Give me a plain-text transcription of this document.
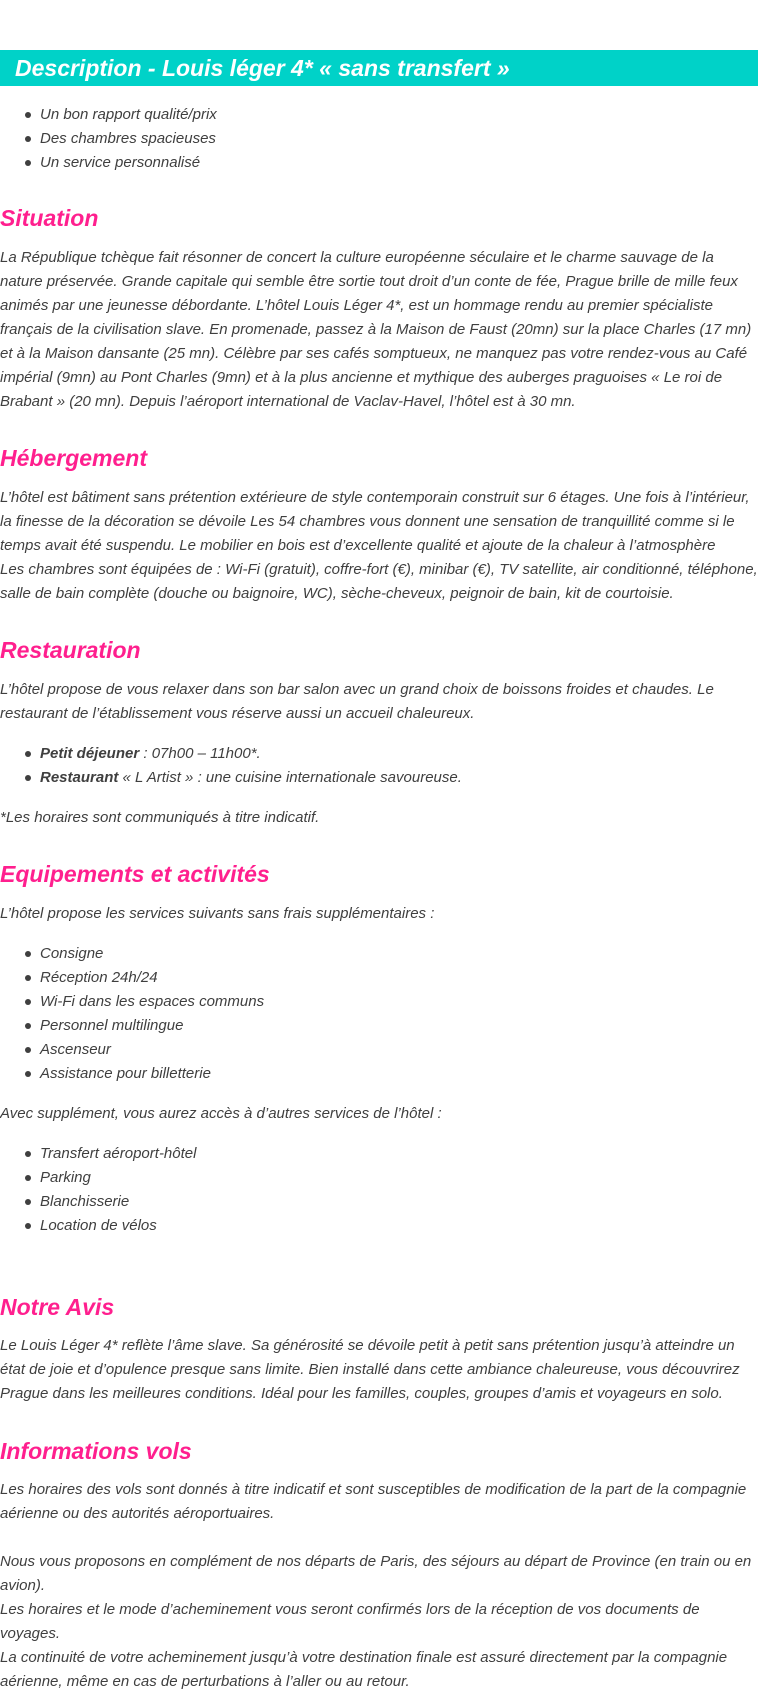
Description - Louis léger 4* « sans transfert »
Un bon rapport qualité/prix
Des chambres spacieuses
Un service personnalisé
Situation
La République tchèque fait résonner de concert la culture européenne séculaire et le charme sauvage de la nature préservée. Grande capitale qui semble être sortie tout droit d’un conte de fée, Prague brille de mille feux animés par une jeunesse débordante. L’hôtel Louis Léger 4*, est un hommage rendu au premier spécialiste français de la civilisation slave. En promenade, passez à la Maison de Faust (20mn) sur la place Charles (17 mn) et à la Maison dansante (25 mn). Célèbre par ses cafés somptueux, ne manquez pas votre rendez-vous au Café impérial (9mn) au Pont Charles (9mn) et à la plus ancienne et mythique des auberges praguoises « Le roi de Brabant » (20 mn). Depuis l’aéroport international de Vaclav-Havel, l’hôtel est à 30 mn.
Hébergement

L’hôtel est bâtiment sans prétention extérieure de style contemporain construit sur 6 étages. Une fois à l’intérieur, la finesse de la décoration se dévoile Les 54 chambres vous donnent une sensation de tranquillité comme si le temps avait été suspendu. Le mobilier en bois est d’excellente qualité et ajoute de la chaleur à l’atmosphère

Les chambres sont équipées de : Wi-Fi (gratuit), coffre-fort (€), minibar (€), TV satellite, air conditionné, téléphone, salle de bain complète (douche ou baignoire, WC), sèche-cheveux, peignoir de bain, kit de courtoisie.

Restauration
L’hôtel propose de vous relaxer dans son bar salon avec un grand choix de boissons froides et chaudes. Le restaurant de l’établissement vous réserve aussi un accueil chaleureux.
Petit déjeuner : 07h00 – 11h00*.
Restaurant « L Artist » : une cuisine internationale savoureuse.
*Les horaires sont communiqués à titre indicatif.
Equipements et activités
L’hôtel propose les services suivants sans frais supplémentaires :
Consigne
Réception 24h/24
Wi-Fi dans les espaces communs
Personnel multilingue
Ascenseur
Assistance pour billetterie
Avec supplément, vous aurez accès à d’autres services de l’hôtel :
Transfert aéroport-hôtel
Parking
Blanchisserie
Location de vélos
Notre Avis
Le Louis Léger 4* reflète l’âme slave. Sa générosité se dévoile petit à petit sans prétention jusqu’à atteindre un état de joie et d’opulence presque sans limite. Bien installé dans cette ambiance chaleureuse, vous découvrirez Prague dans les meilleures conditions. Idéal pour les familles, couples, groupes d’amis et voyageurs en solo.
Informations vols
Les horaires des vols sont donnés à titre indicatif et sont susceptibles de modification de la part de la compagnie aérienne ou des autorités aéroportuaires.

Nous vous proposons en complément de nos départs de Paris, des séjours au départ de Province (en train ou en avion).

Les horaires et le mode d’acheminement vous seront confirmés lors de la réception de vos documents de voyages.

La continuité de votre acheminement jusqu’à votre destination finale est assuré directement par la compagnie aérienne, même en cas de perturbations à l’aller ou au retour.
